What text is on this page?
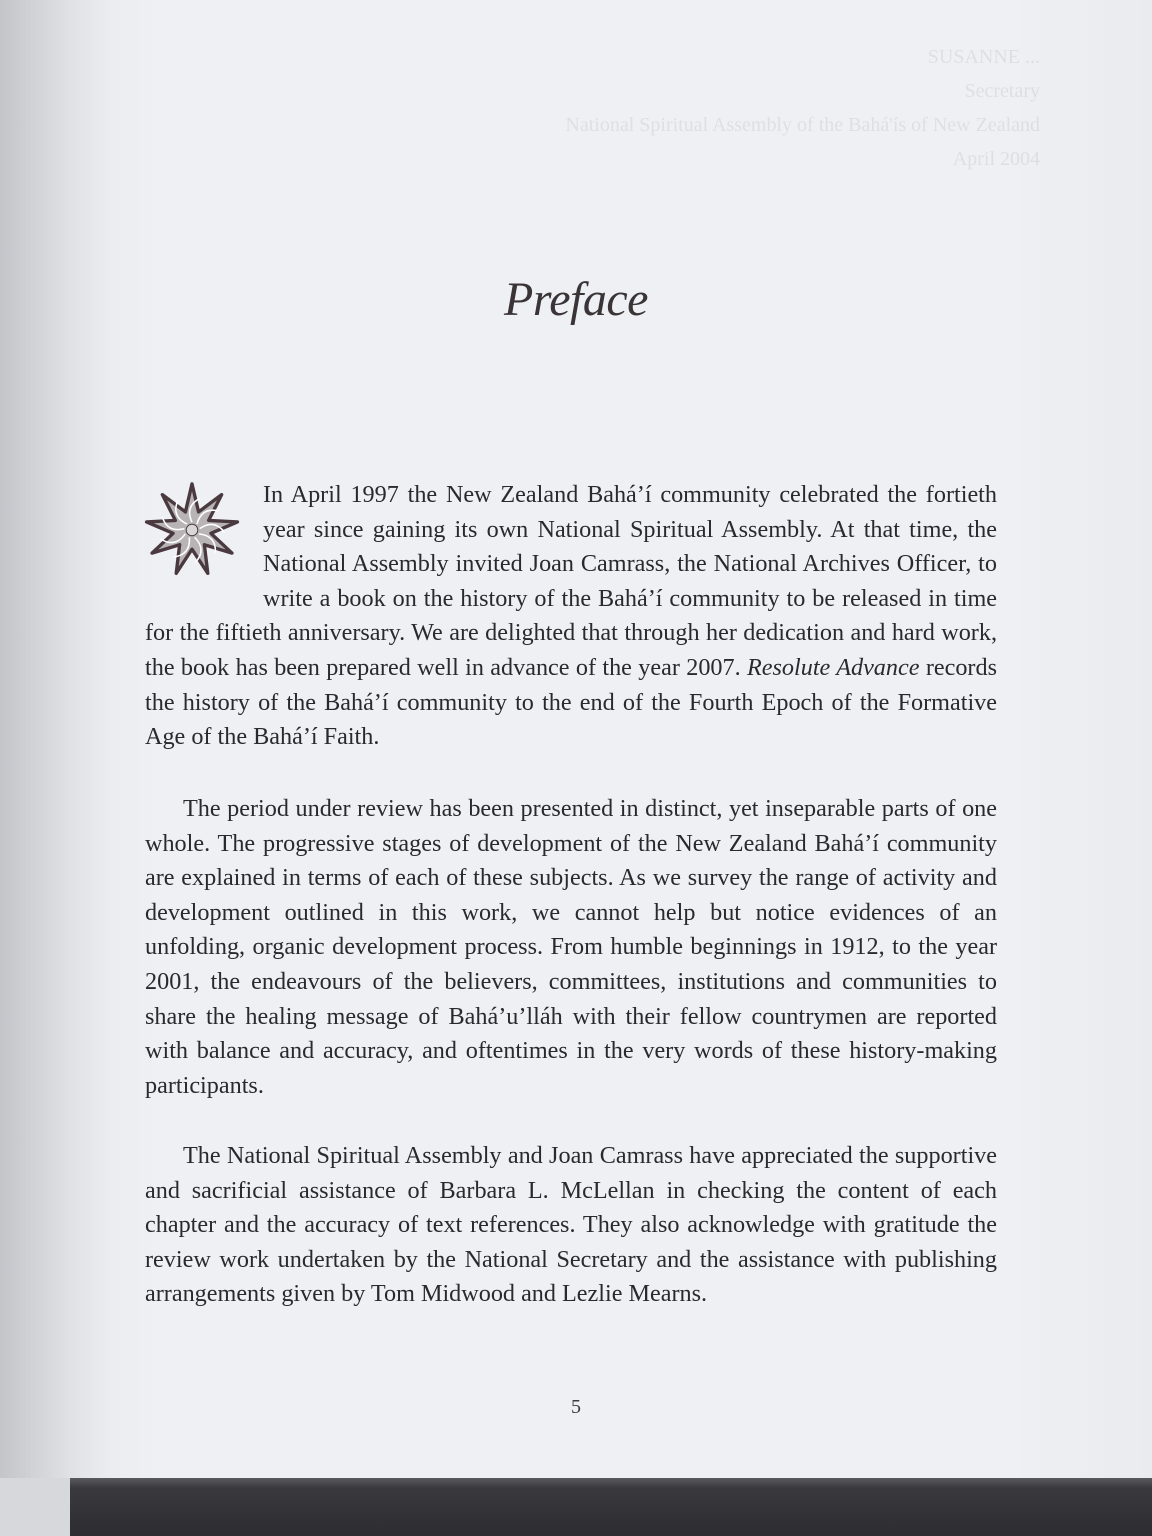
SUSANNE ...
Secretary
National Spiritual Assembly of the Bahá'ís of New Zealand
April 2004
Preface

In April 1997 the New Zealand Bahá’í community celebrated the fortieth year since gaining its own National Spiritual Assembly. At that time, the National Assembly invited Joan Camrass, the National Archives Officer, to write a book on the history of the Bahá’í community to be released in time for the fiftieth anniversary. We are delighted that through her dedication and hard work, the book has been prepared well in advance of the year 2007. Resolute Advance records the history of the Bahá’í community to the end of the Fourth Epoch of the Formative Age of the Bahá’í Faith.

The period under review has been presented in distinct, yet inseparable parts of one whole. The progressive stages of development of the New Zealand Bahá’í community are explained in terms of each of these subjects. As we survey the range of activity and development outlined in this work, we cannot help but notice evidences of an unfolding, organic development process. From humble beginnings in 1912, to the year 2001, the endeavours of the believers, committees, institutions and communities to share the healing message of Bahá’u’lláh with their fellow countrymen are reported with balance and accuracy, and oftentimes in the very words of these history-making participants.

The National Spiritual Assembly and Joan Camrass have appreciated the supportive and sacrificial assistance of Barbara L. McLellan in checking the content of each chapter and the accuracy of text references. They also acknowledge with gratitude the review work undertaken by the National Secretary and the assistance with publishing arrangements given by Tom Midwood and Lezlie Mearns.

5
